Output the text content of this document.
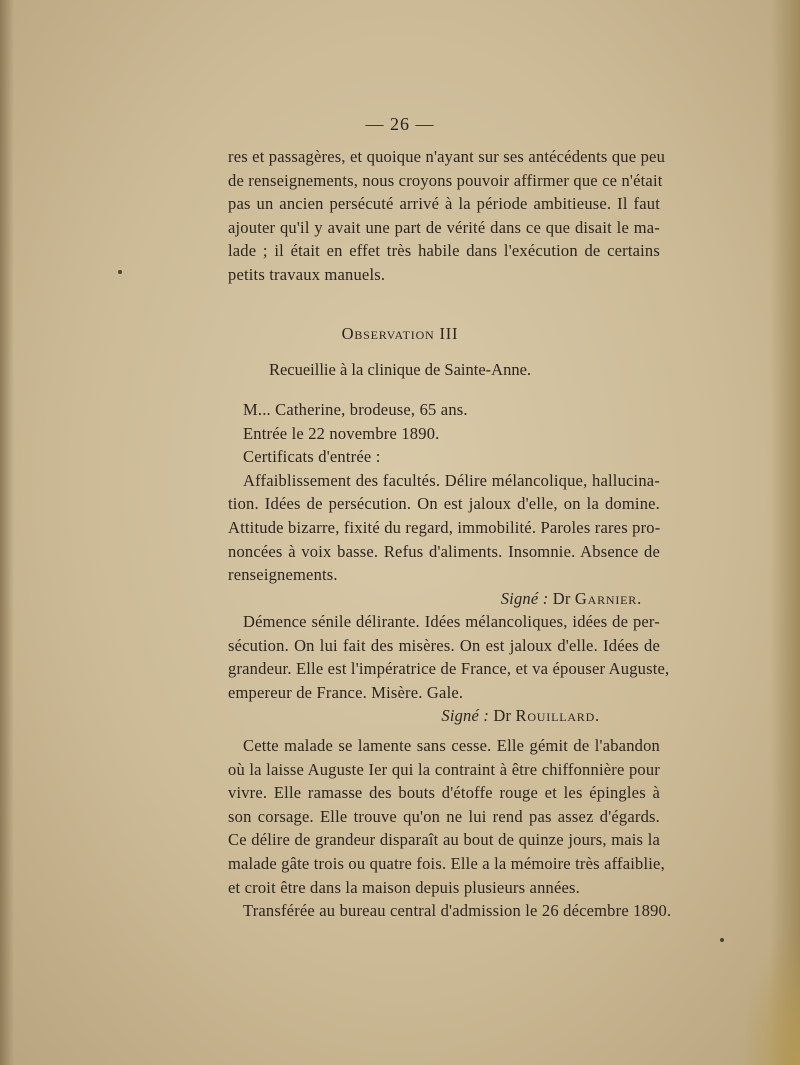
— 26 —
res et passagères, et quoique n'ayant sur ses antécédents que peu
de renseignements, nous croyons pouvoir affirmer que ce n'était
pas un ancien persécuté arrivé à la période ambitieuse. Il faut
ajouter qu'il y avait une part de vérité dans ce que disait le ma-
lade ; il était en effet très habile dans l'exécution de certains
petits travaux manuels.
Observation III
Recueillie à la clinique de Sainte-Anne.
M... Catherine, brodeuse, 65 ans.
Entrée le 22 novembre 1890.
Certificats d'entrée :
Affaiblissement des facultés. Délire mélancolique, hallucina-
tion. Idées de persécution. On est jaloux d'elle, on la domine.
Attitude bizarre, fixité du regard, immobilité. Paroles rares pro-
noncées à voix basse. Refus d'aliments. Insomnie. Absence de
renseignements.
Signé : Dr Garnier.
Démence sénile délirante. Idées mélancoliques, idées de per-
sécution. On lui fait des misères. On est jaloux d'elle. Idées de
grandeur. Elle est l'impératrice de France, et va épouser Auguste,
empereur de France. Misère. Gale.
Signé : Dr Rouillard.
Cette malade se lamente sans cesse. Elle gémit de l'abandon
où la laisse Auguste Ier qui la contraint à être chiffonnière pour
vivre. Elle ramasse des bouts d'étoffe rouge et les épingles à
son corsage. Elle trouve qu'on ne lui rend pas assez d'égards.
Ce délire de grandeur disparaît au bout de quinze jours, mais la
malade gâte trois ou quatre fois. Elle a la mémoire très affaiblie,
et croit être dans la maison depuis plusieurs années.
Transférée au bureau central d'admission le 26 décembre 1890.
